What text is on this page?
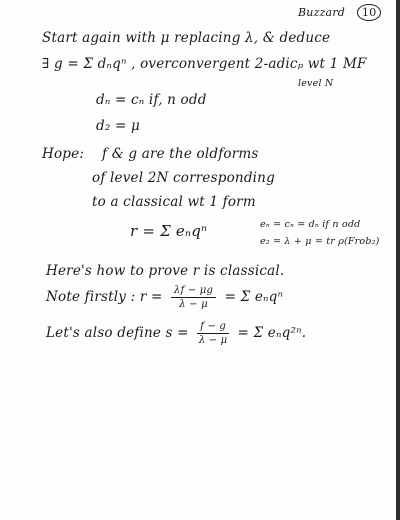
Buzzard	10
Start again with μ replacing λ, & deduce
∃ g = Σ dₙqⁿ , overconvergent 2-adicₚ wt 1 MF
level N
dₙ = cₙ if, n odd
d₂ = μ
Hope: f & g are the oldforms
of level 2N corresponding
to a classical wt 1 form
r = Σ eₙqⁿ	eₙ = cₙ = dₙ if n odd
e₂ = λ + μ = tr ρ(Frob₂)
Here's how to prove r is classical.
Note firstly : $r = \frac{\lambda f - \mu g}{\lambda - \mu} = \Sigma$ eₙqⁿ
Let's also define $s = \frac{f - g}{\lambda - \mu} = \Sigma$ eₙq²ⁿ.
